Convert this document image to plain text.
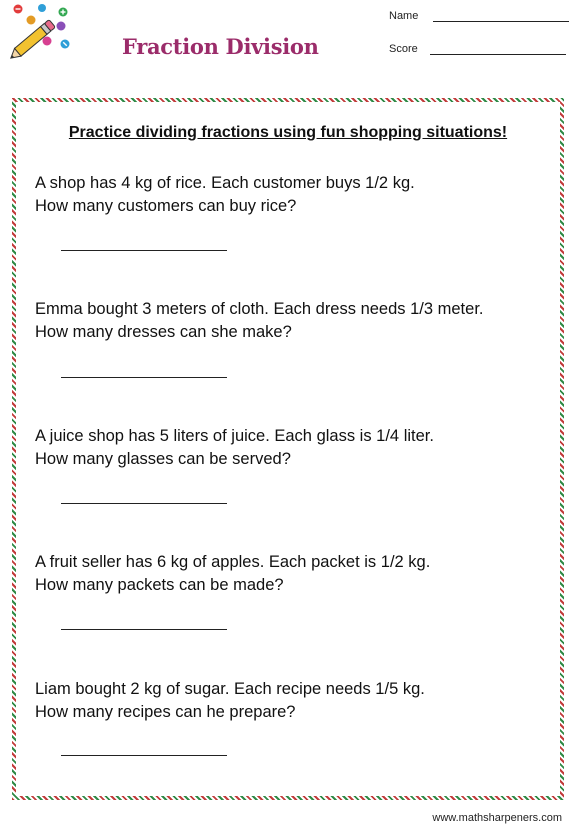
Fraction Division
Name
Score
Practice dividing fractions using fun shopping situations!
A shop has 4 kg of rice. Each customer buys 1/2 kg.
How many customers can buy rice?
Emma bought 3 meters of cloth. Each dress needs 1/3 meter.
How many dresses can she make?
A juice shop has 5 liters of juice. Each glass is 1/4 liter.
How many glasses can be served?
A fruit seller has 6 kg of apples. Each packet is 1/2 kg.
How many packets can be made?
Liam bought 2 kg of sugar. Each recipe needs 1/5 kg.
How many recipes can he prepare?
www.mathsharpeners.com
